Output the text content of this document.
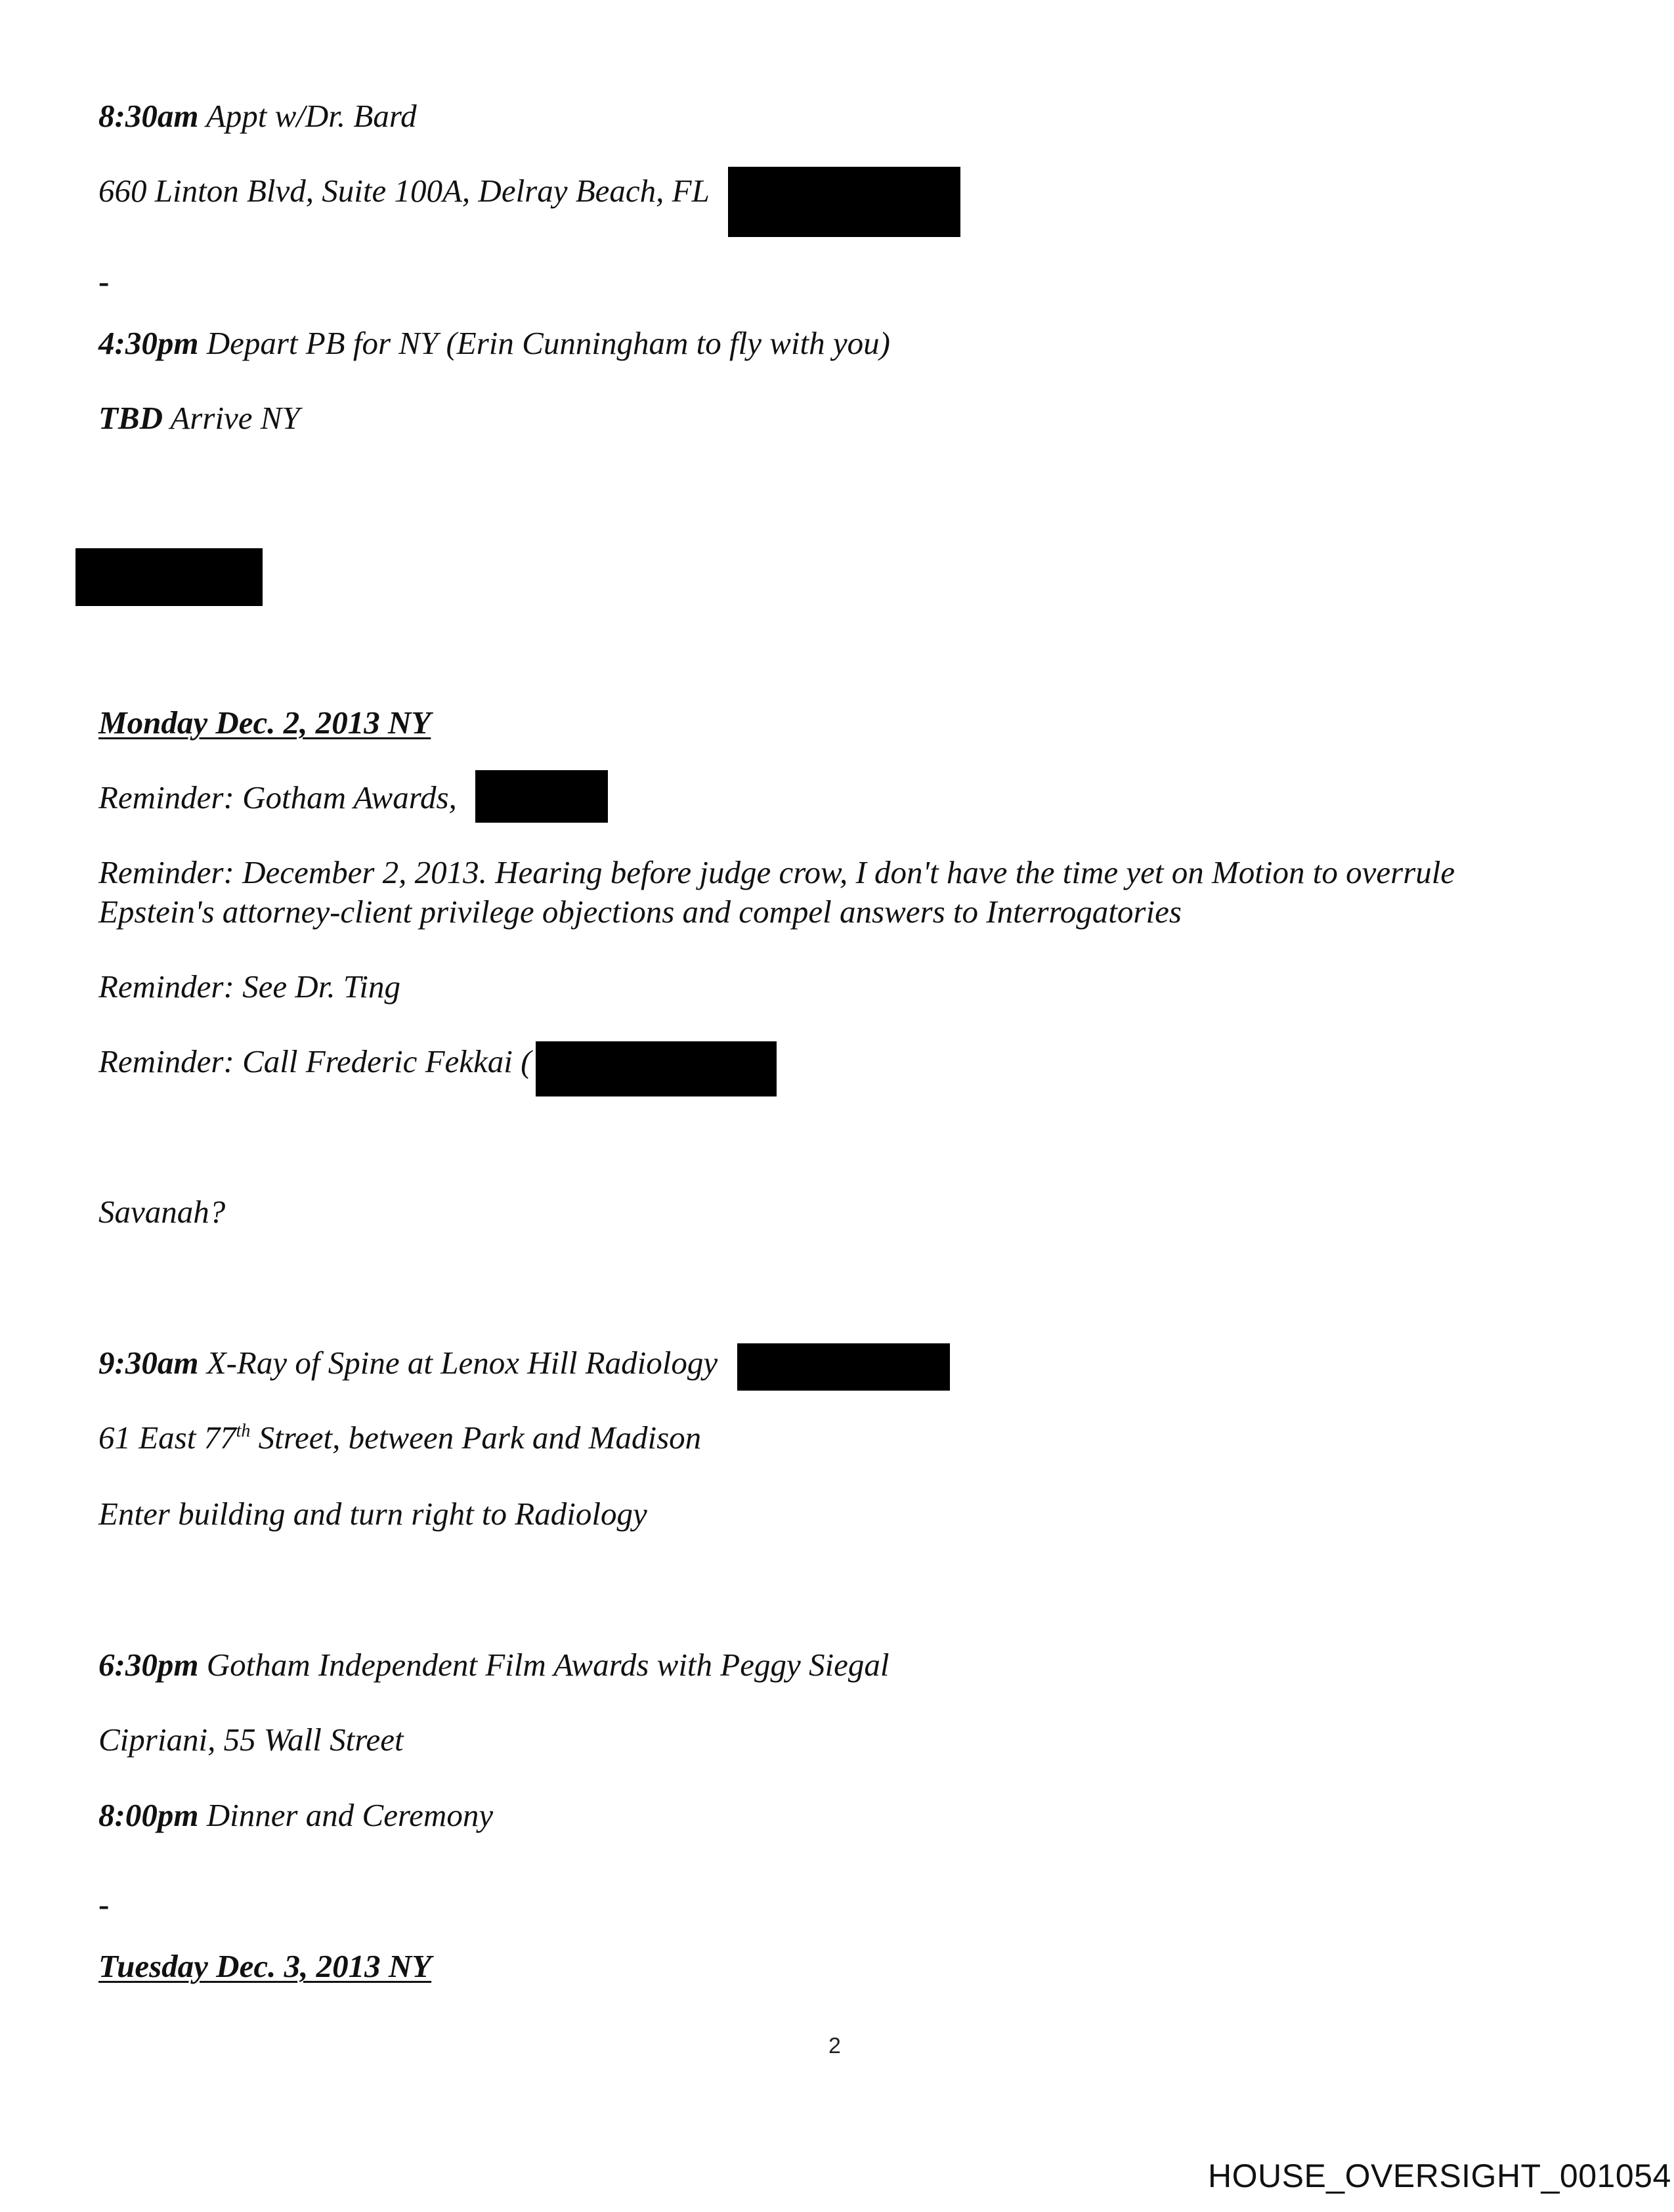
8:30am Appt w/Dr. Bard
660 Linton Blvd, Suite 100A, Delray Beach, FL
-
4:30pm Depart PB for NY (Erin Cunningham to fly with you)
TBD Arrive NY
Monday Dec. 2, 2013 NY
Reminder: Gotham Awards,
Reminder: December 2, 2013. Hearing before judge crow, I don't have the time yet on Motion to overrule
Epstein's attorney-client privilege objections and compel answers to Interrogatories
Reminder: See Dr. Ting
Reminder: Call Frederic Fekkai (
Savanah?
9:30am X-Ray of Spine at Lenox Hill Radiology
61 East 77th Street, between Park and Madison
Enter building and turn right to Radiology
6:30pm Gotham Independent Film Awards with Peggy Siegal
Cipriani, 55 Wall Street
8:00pm Dinner and Ceremony
-
Tuesday Dec. 3, 2013 NY
2
HOUSE_OVERSIGHT_001054
